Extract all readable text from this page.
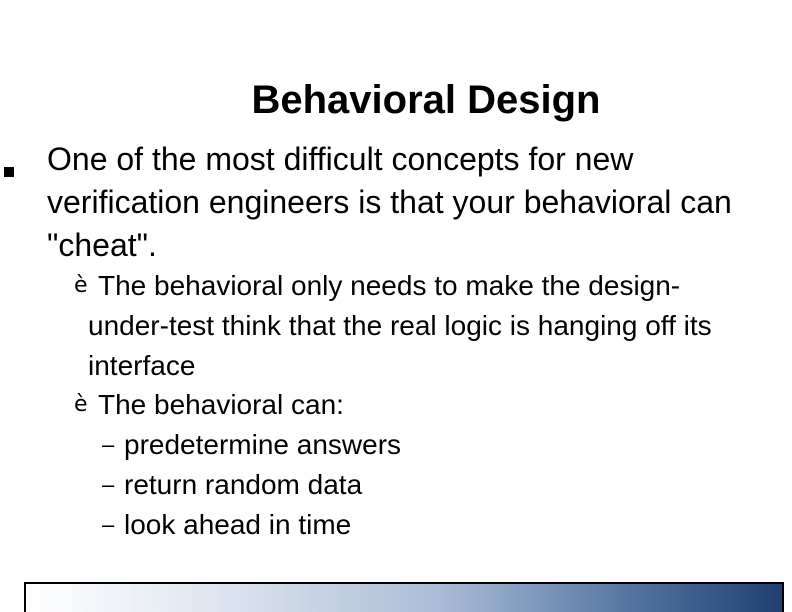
Behavioral Design
One of the most difficult concepts for new
verification engineers is that your behavioral can
"cheat".
è The behavioral only needs to make the design-
under-test think that the real logic is hanging off its
interface
è The behavioral can:
– predetermine answers
– return random data
– look ahead in time
